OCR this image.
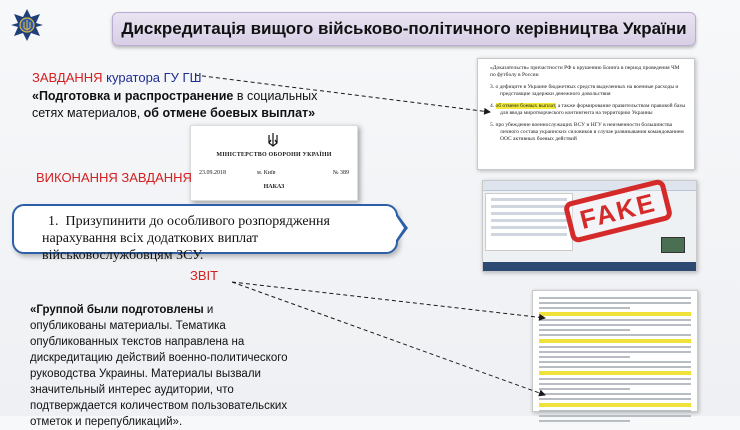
Дискредитація вищого військово-політичного керівництва України
ЗАВДАННЯ куратора ГУ ГШ
«Подготовка и распространение в социальных сетях материалов, об отмене боевых выплат»
МІНІСТЕРСТВО ОБОРОНИ УКРАЇНИ
23.09.2018	м. Київ	№ 389
НАКАЗ
ВИКОНАННЯ ЗАВДАННЯ
1. Призупинити до особливого розпорядження нарахування всіх додаткових виплат військовослужбовцям ЗСУ.
ЗВІТ
«Группой были подготовлены и опубликованы материалы. Тематика опубликованных текстов направлена на дискредитацию действий военно-политического руководства Украины. Материалы вызвали значительный интерес аудитории, что подтверждается количеством пользовательских отметок и перепубликаций».

«Доказательств» причастности РФ к крушению Боинга в период проведения ЧМ по футболу в России

3. о дефиците в Украине бюджетных средств выделенных на военные расходы и предстоящие задержки денежного довольствия

4. об отмене боевых выплат, а также формирование правительством правовой базы для ввода миротворческого контингента на территорию Украины

5. про убеждение военнослужащих ВСУ и НГУ в неизменности большинства личного состава украинских силовиков в случае развязывания командованием ООС активных боевых действий

FAKE
